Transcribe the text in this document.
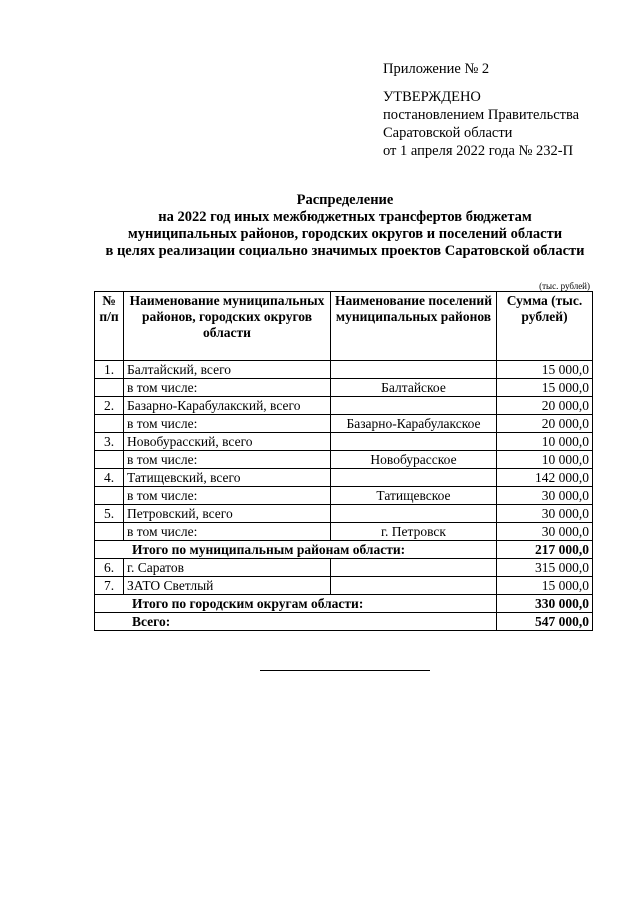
Приложение № 2
УТВЕРЖДЕНО
постановлением Правительства
Саратовской области
от 1 апреля 2022 года № 232-П
Распределение
на 2022 год иных межбюджетных трансфертов бюджетам
муниципальных районов, городских округов и поселений области
в целях реализации социально значимых проектов Саратовской области
(тыс. рублей)
№ п/п	Наименование муниципальных районов, городских округов области	Наименование поселений муниципальных районов	Сумма (тыс. рублей)
1.	Балтайский, всего		15 000,0
	в том числе:	Балтайское	15 000,0
2.	Базарно-Карабулакский, всего		20 000,0
	в том числе:	Базарно-Карабулакское	20 000,0
3.	Новобурасский, всего		10 000,0
	в том числе:	Новобурасское	10 000,0
4.	Татищевский, всего		142 000,0
	в том числе:	Татищевское	30 000,0
5.	Петровский, всего		30 000,0
	в том числе:	г. Петровск	30 000,0
Итого по муниципальным районам области:			217 000,0
6.	г. Саратов		315 000,0
7.	ЗАТО Светлый		15 000,0
Итого по городским округам области:			330 000,0
Всего:			547 000,0
